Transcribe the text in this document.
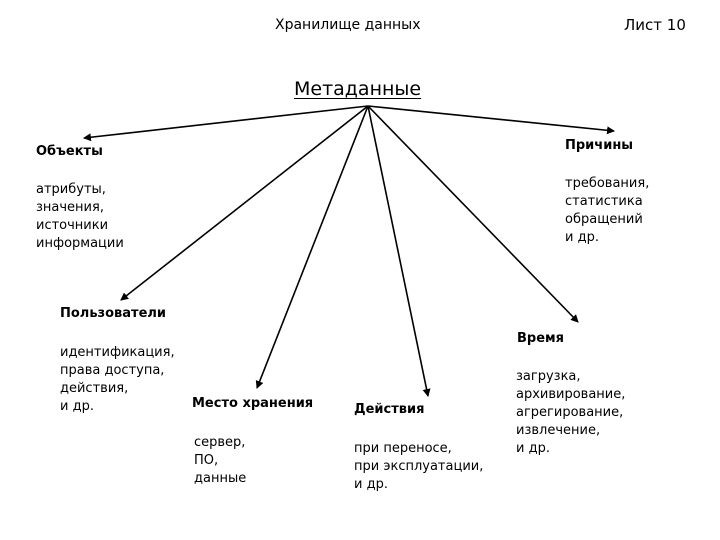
Хранилище данных	Лист 10
Метаданные
Объекты
атрибуты,
значения,
источники
информации
Причины
требования,
статистика
обращений
и др.
Пользователи
идентификация,
права доступа,
действия,
и др.
Время
загрузка,
архивирование,
агрегирование,
извлечение,
и др.
Место хранения
сервер,
ПО,
данные
Действия
при переносе,
при эксплуатации,
и др.
